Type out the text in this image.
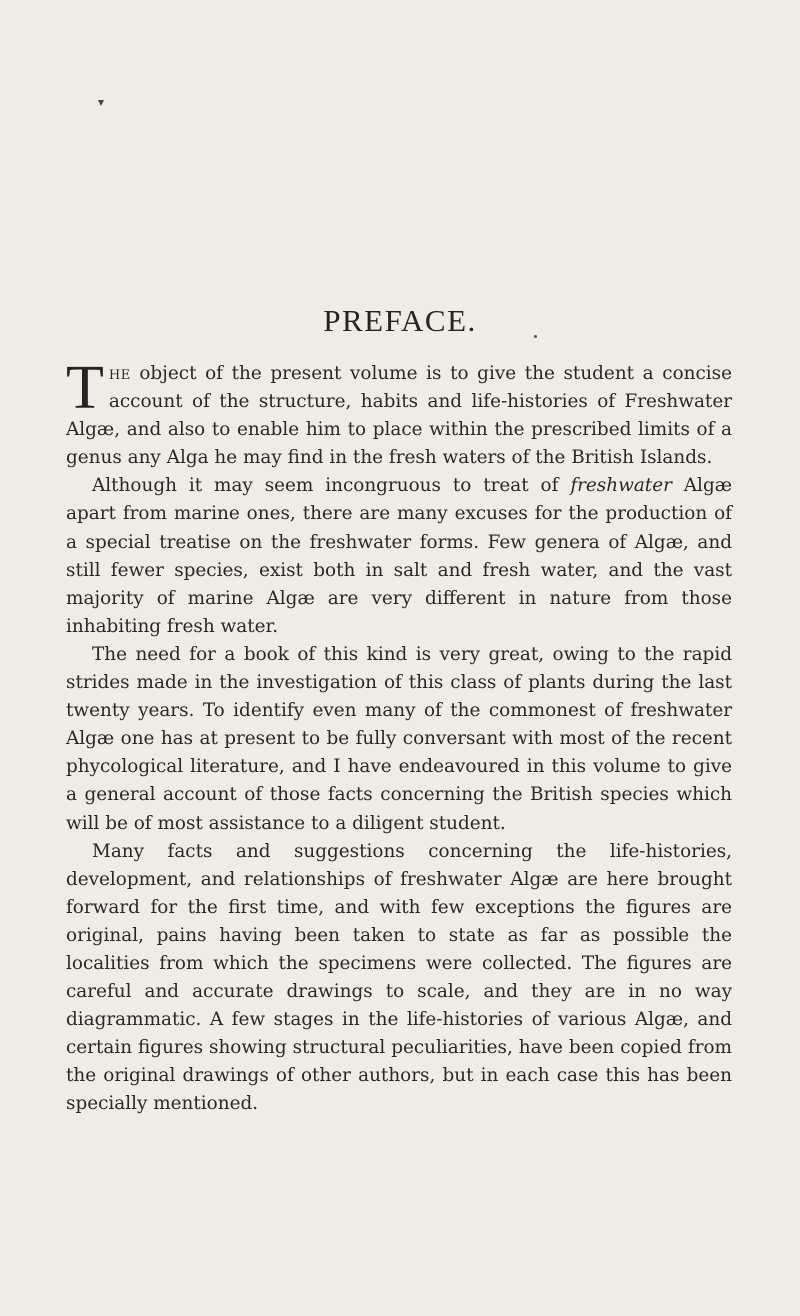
PREFACE.

The object of the present volume is to give the student a concise account of the structure, habits and life-histories of Freshwater Algæ, and also to enable him to place within the prescribed limits of a genus any Alga he may find in the fresh waters of the British Islands.

Although it may seem incongruous to treat of freshwater Algæ apart from marine ones, there are many excuses for the production of a special treatise on the freshwater forms. Few genera of Algæ, and still fewer species, exist both in salt and fresh water, and the vast majority of marine Algæ are very different in nature from those inhabiting fresh water.

The need for a book of this kind is very great, owing to the rapid strides made in the investigation of this class of plants during the last twenty years. To identify even many of the commonest of freshwater Algæ one has at present to be fully conversant with most of the recent phycological literature, and I have endeavoured in this volume to give a general account of those facts concerning the British species which will be of most assistance to a diligent student.

Many facts and suggestions concerning the life-histories, development, and relationships of freshwater Algæ are here brought forward for the first time, and with few exceptions the figures are original, pains having been taken to state as far as possible the localities from which the specimens were collected. The figures are careful and accurate drawings to scale, and they are in no way diagrammatic. A few stages in the life-histories of various Algæ, and certain figures showing structural peculiarities, have been copied from the original drawings of other authors, but in each case this has been specially mentioned.
